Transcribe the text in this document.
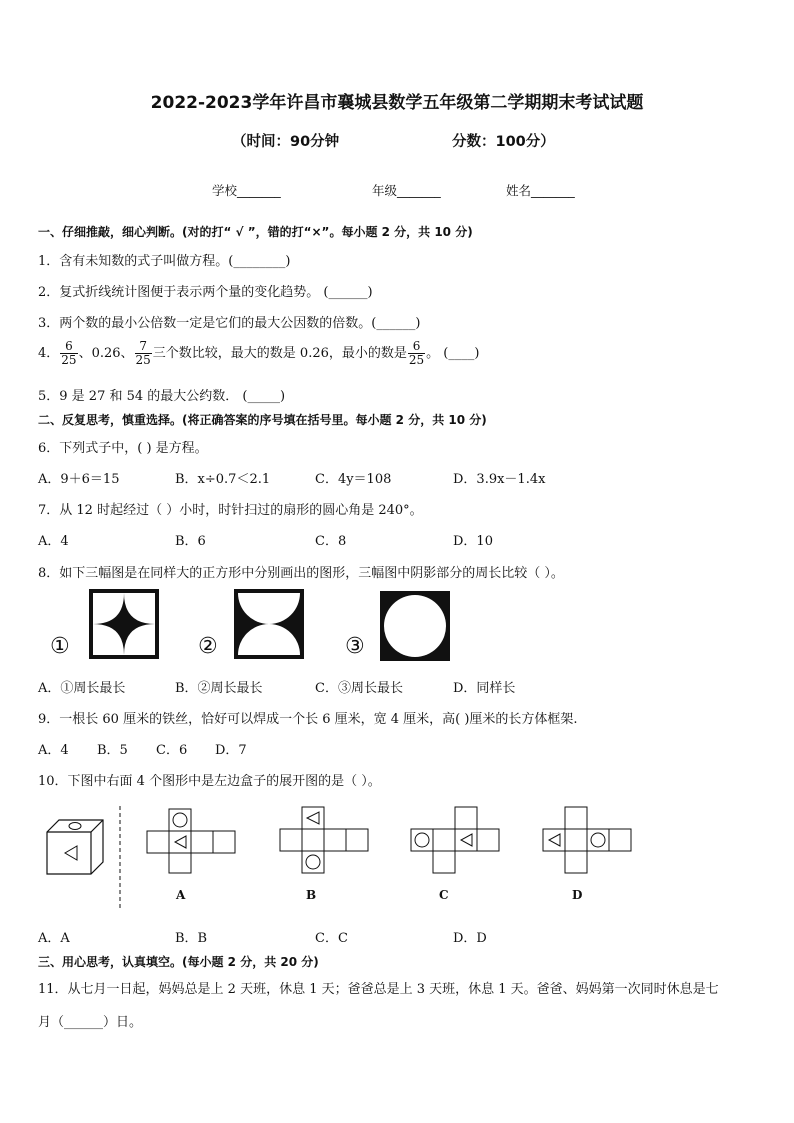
2022-2023学年许昌市襄城县数学五年级第二学期期末考试试题
（时间：90分钟	分数：100分）
学校_______	年级_______	姓名_______
一、仔细推敲，细心判断。(对的打“ √ ”，错的打“×”。每小题 2 分，共 10 分)
1．含有未知数的式子叫做方程。(________)
2．复式折线统计图便于表示两个量的变化趋势。 (______)
3．两个数的最小公倍数一定是它们的最大公因数的倍数。(______)
4． $\frac{6}{25}$ 、0.26、 $\frac{7}{25}$ 三个数比较，最大的数是 0.26，最小的数是 $\frac{6}{25}$ 。 (____)
5．9 是 27 和 54 的最大公约数． (_____)
二、反复思考，慎重选择。(将正确答案的序号填在括号里。每小题 2 分，共 10 分)
6．下列式子中，( ) 是方程。
A．9＋6＝15	B．x÷0.7＜2.1	C．4y＝108	D．3.9x－1.4x
7．从 12 时起经过（ ）小时，时针扫过的扇形的圆心角是 240°。
A．4	B．6	C．8	D．10
8．如下三幅图是在同样大的正方形中分别画出的图形，三幅图中阴影部分的周长比较（ ）。
①	②	③
A．①周长最长	B．②周长最长	C．③周长最长	D．同样长
9．一根长 60 厘米的铁丝，恰好可以焊成一个长 6 厘米，宽 4 厘米，高( )厘米的长方体框架.
A．4 B．5 C．6 D．7
10．下图中右面 4 个图形中是左边盒子的展开图的是（ ）。
A	B	C	D
A．A	B．B	C．C	D．D
三、用心思考，认真填空。(每小题 2 分，共 20 分)
11．从七月一日起，妈妈总是上 2 天班，休息 1 天；爸爸总是上 3 天班，休息 1 天。爸爸、妈妈第一次同时休息是七
月（______）日。
